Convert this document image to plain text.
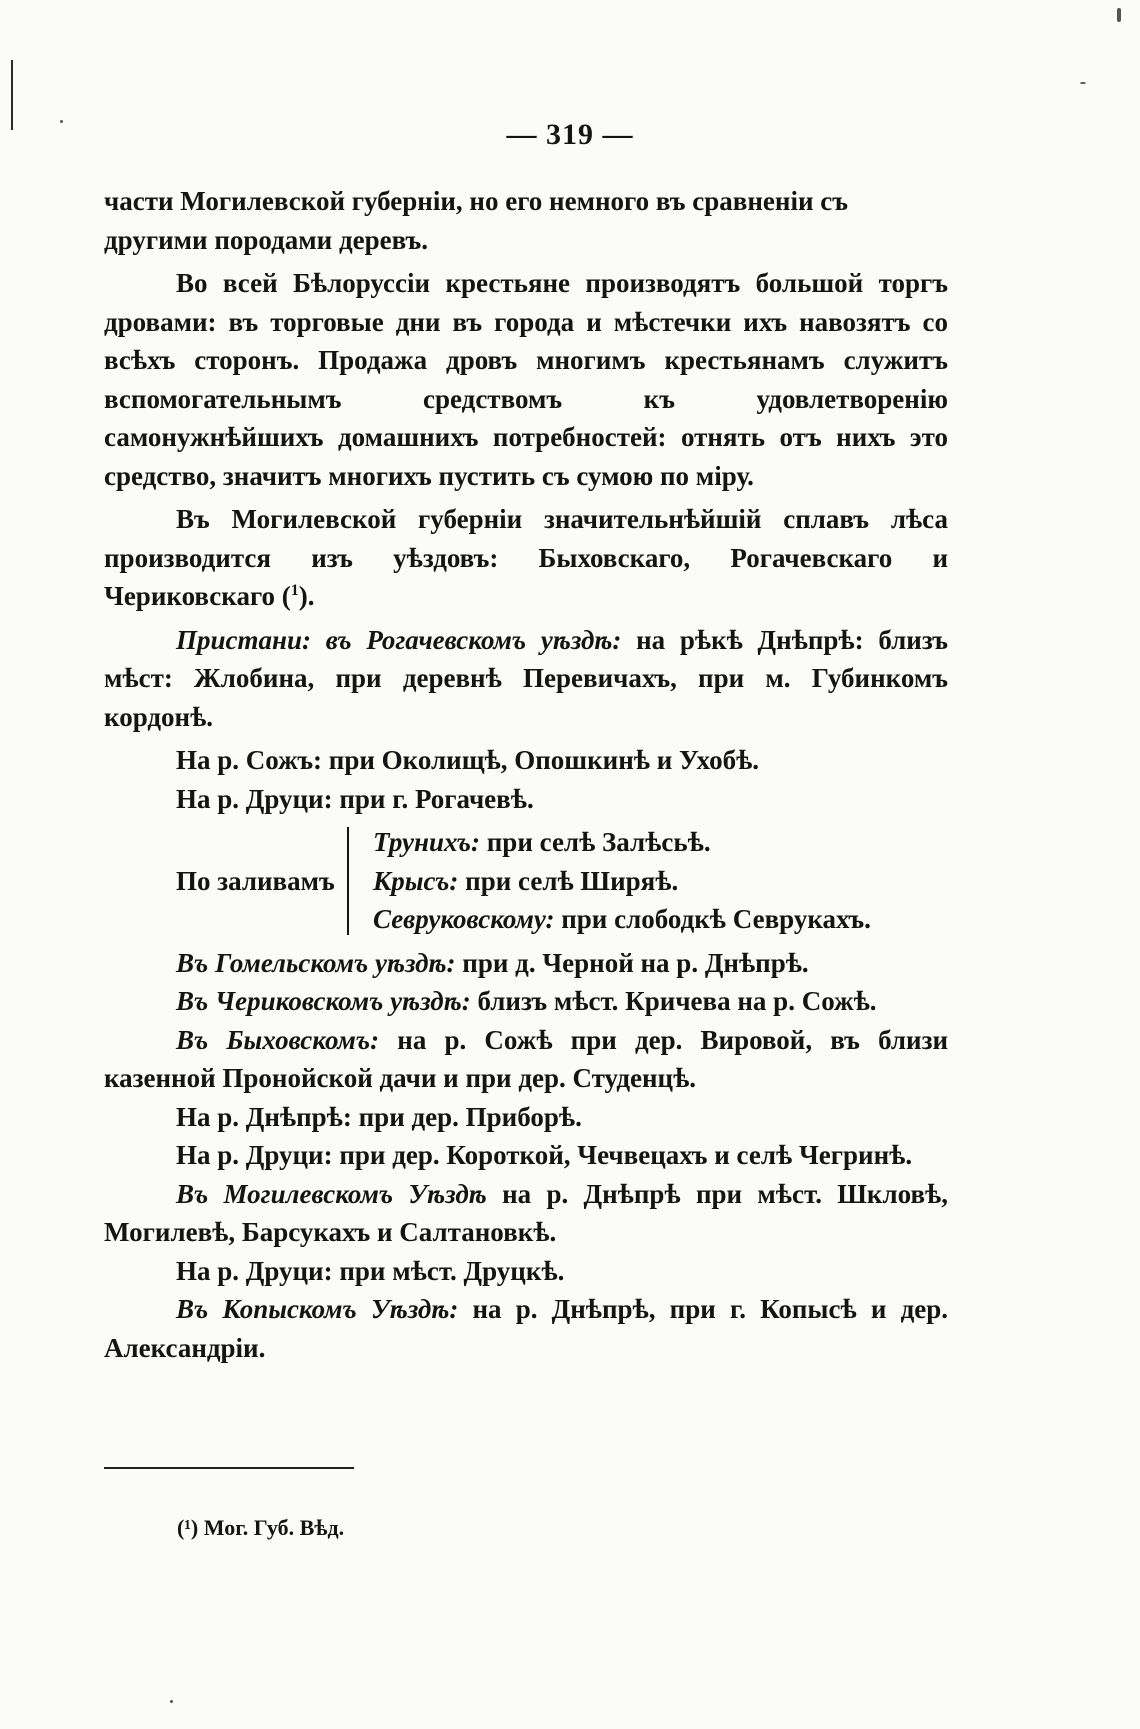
— 319 —

части Могилевской губерніи, но его немного въ сравненіи съ другими породами деревъ.

Во всей Бѣлоруссіи крестьяне производятъ большой торгъ дровами: въ торговые дни въ города и мѣстечки ихъ навозятъ со всѣхъ сторонъ. Продажа дровъ многимъ крестьянамъ служитъ вспомогательнымъ средствомъ къ удовлетворенію самонужнѣйшихъ домашнихъ потребностей: отнять отъ нихъ это средство, значитъ многихъ пустить съ сумою по міру.

Въ Могилевской губерніи значительнѣйшій сплавъ лѣса производится изъ уѣздовъ: Быховскаго, Рогачевскаго и Чериковскаго ($^1$).

Пристани: въ Рогачевскомъ уѣздѣ: на рѣкѣ Днѣпрѣ: близъ мѣст: Жлобина, при деревнѣ Перевичахъ, при м. Губинкомъ кордонѣ.

На р. Сожъ: при Околищѣ, Опошкинѣ и Ухобѣ.

На р. Друци: при г. Рогачевѣ.

По заливамъ
Трунихъ: при селѣ Залѣсьѣ.
Крысъ: при селѣ Ширяѣ.
Севруковскому: при слободкѣ Севрукахъ.

Въ Гомельскомъ уѣздѣ: при д. Черной на р. Днѣпрѣ.

Въ Чериковскомъ уѣздѣ: близъ мѣст. Кричева на р. Сожѣ.

Въ Быховскомъ: на р. Сожѣ при дер. Вировой, въ близи казенной Пронойской дачи и при дер. Студенцѣ.

На р. Днѣпрѣ: при дер. Приборѣ.

На р. Друци: при дер. Короткой, Чечвецахъ и селѣ Чегринѣ.

Въ Могилевскомъ Уѣздѣ на р. Днѣпрѣ при мѣст. Шкловѣ, Могилевѣ, Барсукахъ и Салтановкѣ.

На р. Друци: при мѣст. Друцкѣ.

Въ Копыскомъ Уѣздѣ: на р. Днѣпрѣ, при г. Копысѣ и дер. Александріи.

(¹) Мог. Губ. Вѣд.
